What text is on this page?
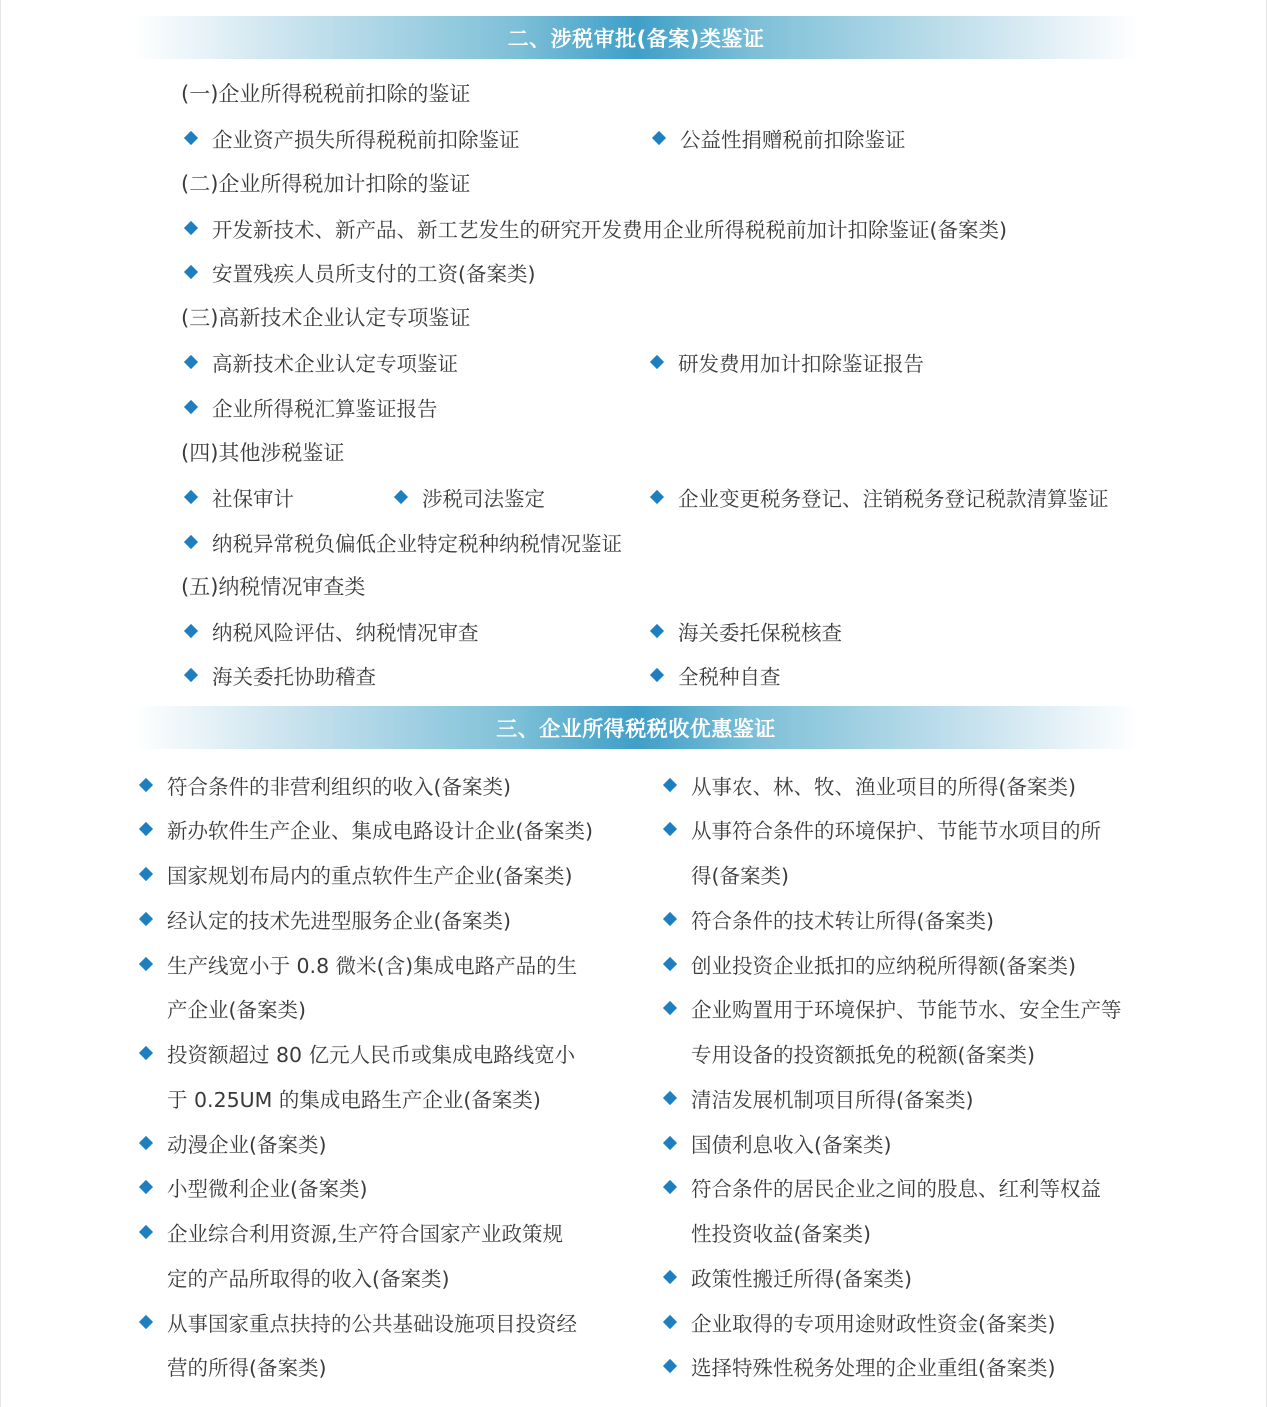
二、涉税审批(备案)类鉴证
(一)企业所得税税前扣除的鉴证
企业资产损失所得税税前扣除鉴证	公益性捐赠税前扣除鉴证
(二)企业所得税加计扣除的鉴证
开发新技术、新产品、新工艺发生的研究开发费用企业所得税税前加计扣除鉴证(备案类)
安置残疾人员所支付的工资(备案类)
(三)高新技术企业认定专项鉴证
高新技术企业认定专项鉴证	研发费用加计扣除鉴证报告
企业所得税汇算鉴证报告
(四)其他涉税鉴证
社保审计	涉税司法鉴定	企业变更税务登记、注销税务登记税款清算鉴证
纳税异常税负偏低企业特定税种纳税情况鉴证
(五)纳税情况审查类
纳税风险评估、纳税情况审查	海关委托保税核查
海关委托协助稽查	全税种自查
三、企业所得税税收优惠鉴证
符合条件的非营利组织的收入(备案类)
新办软件生产企业、集成电路设计企业(备案类)
国家规划布局内的重点软件生产企业(备案类)
经认定的技术先进型服务企业(备案类)
生产线宽小于 0.8 微米(含)集成电路产品的生
产企业(备案类)
投资额超过 80 亿元人民币或集成电路线宽小
于 0.25UM 的集成电路生产企业(备案类)
动漫企业(备案类)
小型微利企业(备案类)
企业综合利用资源,生产符合国家产业政策规
定的产品所取得的收入(备案类)
从事国家重点扶持的公共基础设施项目投资经
营的所得(备案类)
从事农、林、牧、渔业项目的所得(备案类)
从事符合条件的环境保护、节能节水项目的所
得(备案类)
符合条件的技术转让所得(备案类)
创业投资企业抵扣的应纳税所得额(备案类)
企业购置用于环境保护、节能节水、安全生产等
专用设备的投资额抵免的税额(备案类)
清洁发展机制项目所得(备案类)
国债利息收入(备案类)
符合条件的居民企业之间的股息、红利等权益
性投资收益(备案类)
政策性搬迁所得(备案类)
企业取得的专项用途财政性资金(备案类)
选择特殊性税务处理的企业重组(备案类)
